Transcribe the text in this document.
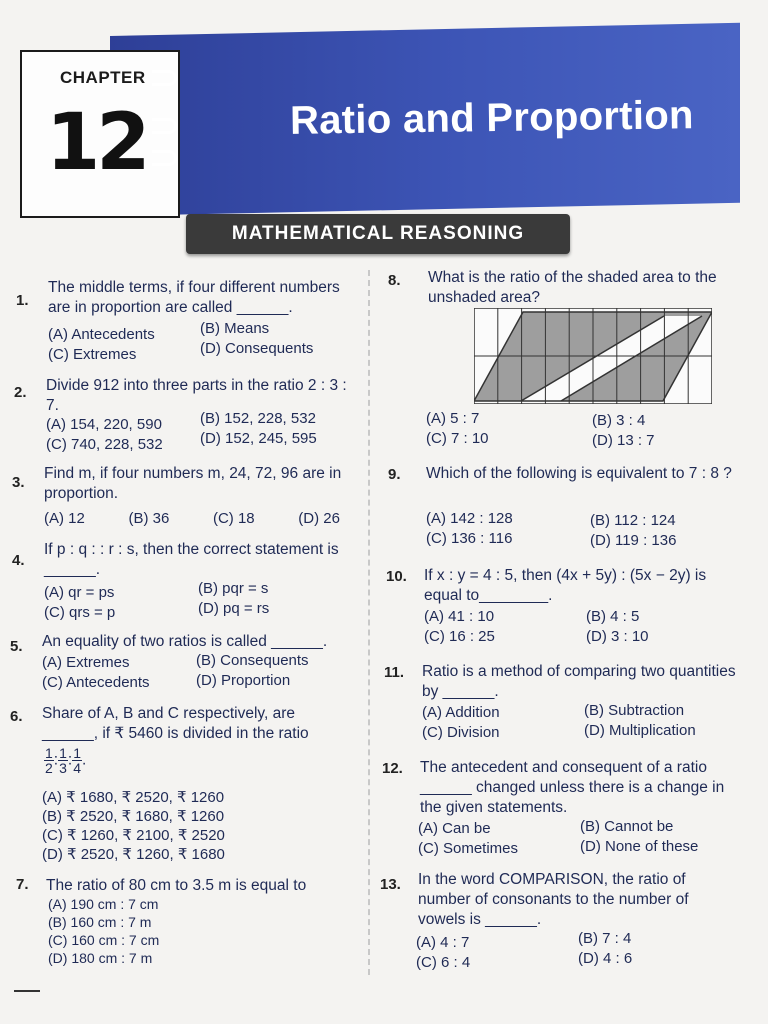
CHAPTER
12	Ratio and Proportion
MATHEMATICAL REASONING
1.
The middle terms, if four different numbers are in proportion are called ______.
(A) Antecedents	(B) Means
(C) Extremes	(D) Consequents
2. Divide 912 into three parts in the ratio 2 : 3 : 7.
(A) 154, 220, 590	(B) 152, 228, 532
(C) 740, 228, 532 (D) 152, 245, 595
3.
Find m, if four numbers m, 24, 72, 96 are in proportion.
(A) 12	(B) 36	(C) 18	(D) 26
4.
If p : q : : r : s, then the correct statement is ______.
(A) qr = ps	(B) pqr = s
(C) qrs = p	(D) pq = rs
5. An equality of two ratios is called ______.
(A) Extremes	(B) Consequents
(C) Antecedents	(D) Proportion
6. Share of A, B and C respectively, are
______, if ₹ 5460 is divided in the ratio
$\frac{1}{2}$ : $\frac{1}{3}$ : $\frac{1}{4}$ .
(A) ₹ 1680, ₹ 2520, ₹ 1260
(B) ₹ 2520, ₹ 1680, ₹ 1260
(C) ₹ 1260, ₹ 2100, ₹ 2520
(D) ₹ 2520, ₹ 1260, ₹ 1680
7. The ratio of 80 cm to 3.5 m is equal to
(A) 190 cm : 7 cm
(B) 160 cm : 7 m
(C) 160 cm : 7 cm
(D) 180 cm : 7 m
8. What is the ratio of the shaded area to the unshaded area?
(A) 5 : 7	(B) 3 : 4
(C) 7 : 10	(D) 13 : 7
9. Which of the following is equivalent to 7 : 8 ?
(A) 142 : 128	(B) 112 : 124
(C) 136 : 116	(D) 119 : 136
10. If x : y = 4 : 5, then (4x + 5y) : (5x − 2y) is equal to________.
(A) 41 : 10	(B) 4 : 5
(C) 16 : 25	(D) 3 : 10
11. Ratio is a method of comparing two quantities by ______.
(A) Addition	(B) Subtraction
(C) Division	(D) Multiplication
12. The antecedent and consequent of a ratio ______ changed unless there is a change in the given statements.
(A) Can be	(B) Cannot be
(C) Sometimes	(D) None of these
13. In the word COMPARISON, the ratio of number of consonants to the number of vowels is ______.
(A) 4 : 7	(B) 7 : 4
(C) 6 : 4	(D) 4 : 6
